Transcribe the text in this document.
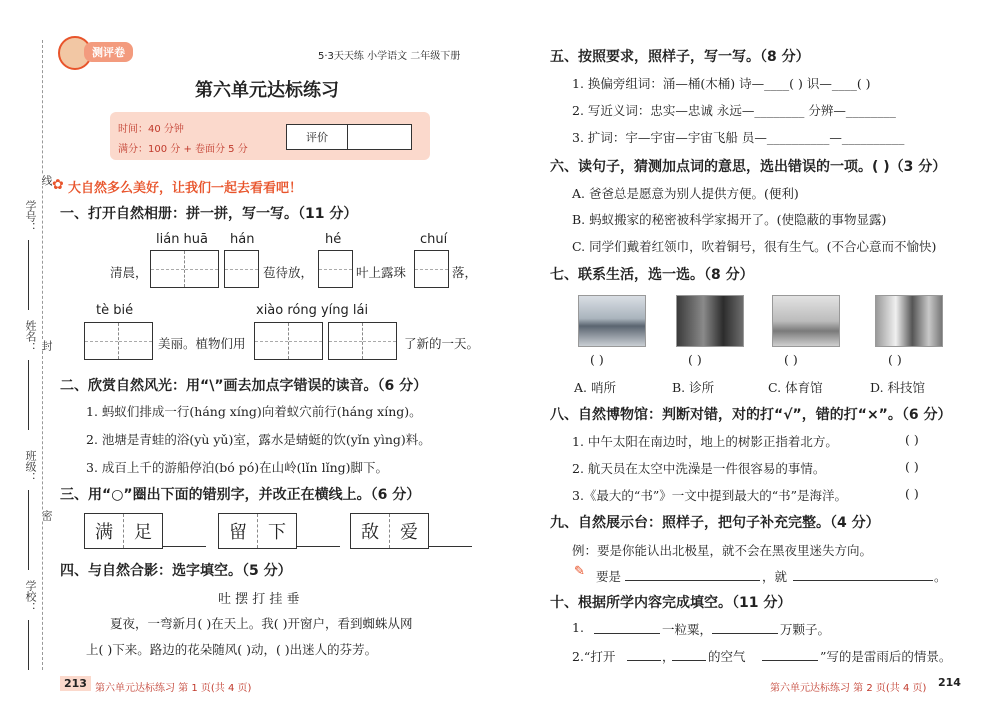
学号：
姓名：
班级：
学校：
线
封
密
测评卷	5·3天天练 小学语文 二年级下册
第六单元达标练习
时间：40 分钟
满分：100 分 + 卷面分 5 分
评价
✿ 大自然多么美好，让我们一起去看看吧！
一、打开自然相册：拼一拼，写一写。（11 分）
lián huā hán	hé	chuí
清晨，	苞待放，	叶上露珠	落，
tè bié	xiào róng yíng lái
美丽。植物们用	了新的一天。
二、欣赏自然风光：用“\”画去加点字错误的读音。（6 分）
1. 蚂蚁们排成一行(háng xíng)向着蚁穴前行(háng xíng)。
2. 池塘是青蛙的浴(yù yǔ)室，露水是蜻蜓的饮(yǐn yìng)料。
3. 成百上千的游船停泊(bó pó)在山岭(lǐn lǐng)脚下。
三、用“○”圈出下面的错别字，并改正在横线上。（6 分）
满	足	留	下	敌	爱
四、与自然合影：选字填空。（5 分）
吐 摆 打 挂 垂
夏夜，一弯新月( )在天上。我( )开窗户，看到蜘蛛从网
上( )下来。路边的花朵随风( )动，( )出迷人的芬芳。
213 第六单元达标练习 第 1 页(共 4 页)
五、按照要求，照样子，写一写。（8 分）
1. 换偏旁组词：涌—桶(木桶) 诗—____( ) 识—____( )
2. 写近义词：忠实—忠诚 永远—________ 分辨—________
3. 扩词：宇—宇宙—宇宙飞船 员—__________—__________
六、读句子，猜测加点词的意思，选出错误的一项。( )（3 分）
A. 爸爸总是愿意为别人提供方便。(便利)
B. 蚂蚁搬家的秘密被科学家揭开了。(使隐蔽的事物显露)
C. 同学们戴着红领巾，吹着铜号，很有生气。(不合心意而不愉快)
七、联系生活，选一选。（8 分）
( )	( )	( )	( )
A. 哨所	B. 诊所	C. 体育馆	D. 科技馆
八、自然博物馆：判断对错，对的打“√”，错的打“×”。（6 分）
1. 中午太阳在南边时，地上的树影正指着北方。	( )
2. 航天员在太空中洗澡是一件很容易的事情。	( )
3.《最大的“书”》一文中提到最大的“书”是海洋。	( )
九、自然展示台：照样子，把句子补充完整。（4 分）
例：要是你能认出北极星，就不会在黑夜里迷失方向。
✎ 要是	，就	。
十、根据所学内容完成填空。（11 分）
1.	一粒粟，	万颗子。
2.“打开	，	的空气	”写的是雷雨后的情景。
第六单元达标练习 第 2 页(共 4 页) 214
